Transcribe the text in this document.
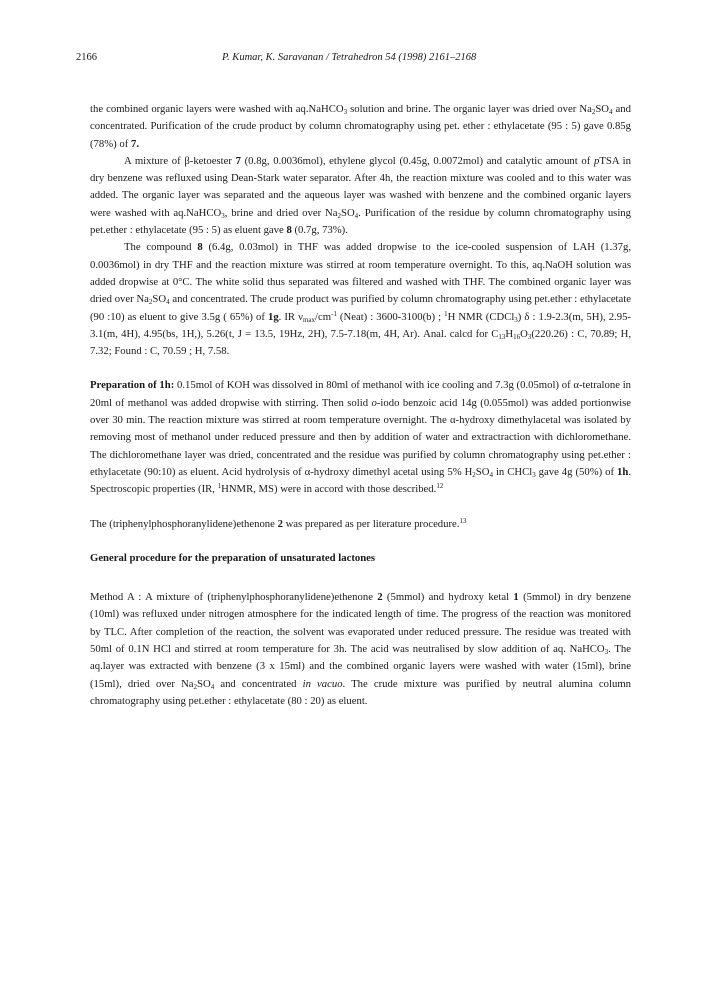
2166	P. Kumar, K. Saravanan / Tetrahedron 54 (1998) 2161–2168

the combined organic layers were washed with aq.NaHCO$_3$ solution and brine. The organic layer was dried over $Na_2SO_4$ and concentrated. Purification of the crude product by column chromatography using pet. ether : ethylacetate (95 : 5) gave 0.85g (78%) of 7.

A mixture of β-ketoester 7 (0.8g, 0.0036mol), ethylene glycol (0.45g, 0.0072mol) and catalytic amount of pTSA in dry benzene was refluxed using Dean-Stark water separator. After 4h, the reaction mixture was cooled and to this water was added. The organic layer was separated and the aqueous layer was washed with benzene and the combined organic layers were washed with aq.NaHCO$_3$, brine and dried over $Na_2SO_4$. Purification of the residue by column chromatography using pet.ether : ethylacetate (95 : 5) as eluent gave 8 (0.7g, 73%).

The compound 8 (6.4g, 0.03mol) in THF was added dropwise to the ice-cooled suspension of LAH (1.37g, 0.0036mol) in dry THF and the reaction mixture was stirred at room temperature overnight. To this, aq.NaOH solution was added dropwise at 0°C. The white solid thus separated was filtered and washed with THF. The combined organic layer was dried over $Na_2SO_4$ and concentrated. The crude product was purified by column chromatography using pet.ether : ethylacetate (90 :10) as eluent to give 3.5g ( 65%) of 1g. IR $\nu_{max}/cm^{-1}$ (Neat) : 3600-3100(b) ; $^1$H NMR (CDCl$_3$) δ : 1.9-2.3(m, 5H), 2.95-3.1(m, 4H), 4.95(bs, 1H,), 5.26(t, J = 13.5, 19Hz, 2H), 7.5-7.18(m, 4H, Ar). Anal. calcd for $C_{13}H_{16}O_3(220.26)$ : C, 70.89; H, 7.32; Found : C, 70.59 ; H, 7.58.

Preparation of 1h: 0.15mol of KOH was dissolved in 80ml of methanol with ice cooling and 7.3g (0.05mol) of α-tetralone in 20ml of methanol was added dropwise with stirring. Then solid o-iodo benzoic acid 14g (0.055mol) was added portionwise over 30 min. The reaction mixture was stirred at room temperature overnight. The α-hydroxy dimethylacetal was isolated by removing most of methanol under reduced pressure and then by addition of water and extractraction with dichloromethane. The dichloromethane layer was dried, concentrated and the residue was purified by column chromatography using pet.ether : ethylacetate (90:10) as eluent. Acid hydrolysis of α-hydroxy dimethyl acetal using 5% $H_2SO_4$ in CHCl$_3$ gave 4g (50%) of 1h. Spectroscopic properties (IR, $^1$HNMR, MS) were in accord with those described.$^{12}$

The (triphenylphosphoranylidene)ethenone 2 was prepared as per literature procedure.$^{13}$

General procedure for the preparation of unsaturated lactones

Method A : A mixture of (triphenylphosphoranylidene)ethenone 2 (5mmol) and hydroxy ketal 1 (5mmol) in dry benzene (10ml) was refluxed under nitrogen atmosphere for the indicated length of time. The progress of the reaction was monitored by TLC. After completion of the reaction, the solvent was evaporated under reduced pressure. The residue was treated with 50ml of 0.1N HCl and stirred at room temperature for 3h. The acid was neutralised by slow addition of aq. NaHCO$_3$. The aq.layer was extracted with benzene (3 x 15ml) and the combined organic layers were washed with water (15ml), brine (15ml), dried over $Na_2SO_4$ and concentrated in vacuo. The crude mixture was purified by neutral alumina column chromatography using pet.ether : ethylacetate (80 : 20) as eluent.
